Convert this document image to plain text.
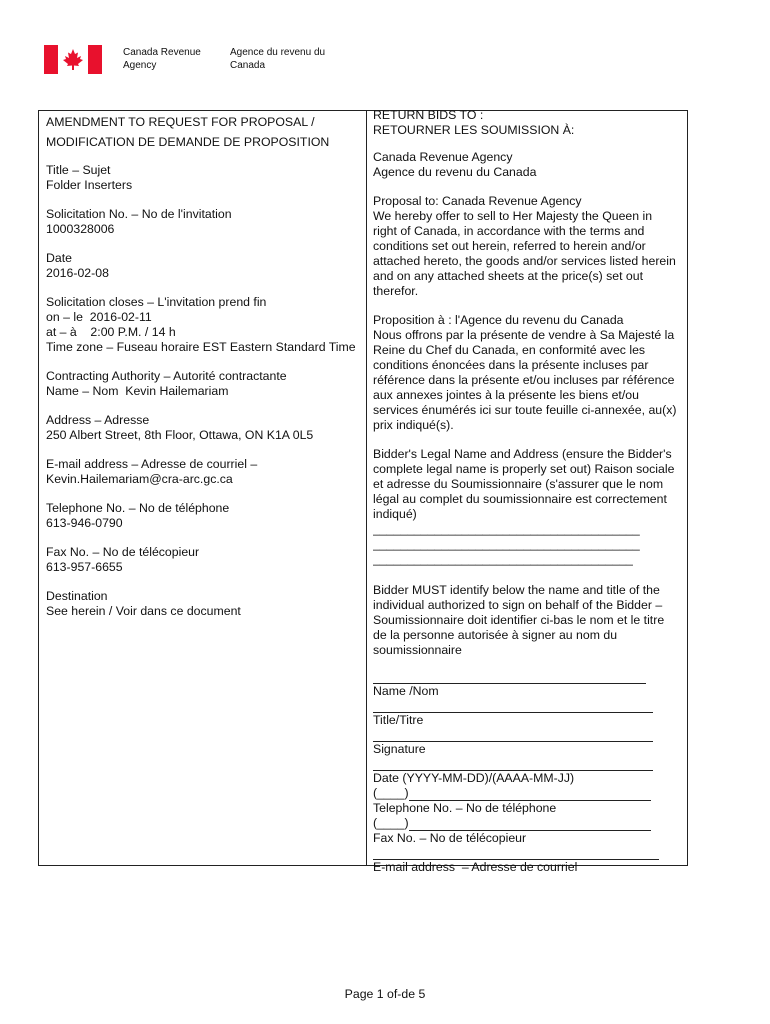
Canada Revenue Agency
Agence du revenu du Canada
AMENDMENT TO REQUEST FOR PROPOSAL / MODIFICATION DE DEMANDE DE PROPOSITION
Title – Sujet
Folder Inserters
Solicitation No. – No de l'invitation
1000328006
Date
2016-02-08
Solicitation closes – L'invitation prend fin
on – le  2016-02-11
at – à    2:00 P.M. / 14 h
Time zone – Fuseau horaire EST Eastern Standard Time
Contracting Authority – Autorité contractante
Name – Nom  Kevin Hailemariam
Address – Adresse
250 Albert Street, 8th Floor, Ottawa, ON K1A 0L5
E-mail address – Adresse de courriel –
Kevin.Hailemariam@cra-arc.gc.ca
Telephone No. – No de téléphone
613-946-0790
Fax No. – No de télécopieur
613-957-6655
Destination
See herein / Voir dans ce document
RETURN BIDS TO :
RETOURNER LES SOUMISSION À:
Canada Revenue Agency
Agence du revenu du Canada
Proposal to: Canada Revenue Agency
We hereby offer to sell to Her Majesty the Queen in right of Canada, in accordance with the terms and conditions set out herein, referred to herein and/or attached hereto, the goods and/or services listed herein and on any attached sheets at the price(s) set out therefor.
Proposition à : l'Agence du revenu du Canada
Nous offrons par la présente de vendre à Sa Majesté la Reine du Chef du Canada, en conformité avec les conditions énoncées dans la présente incluses par référence dans la présente et/ou incluses par référence aux annexes jointes à la présente les biens et/ou services énumérés ici sur toute feuille ci-annexée, au(x) prix indiqué(s).
Bidder's Legal Name and Address (ensure the Bidder's complete legal name is properly set out) Raison sociale et adresse du Soumissionnaire (s'assurer que le nom légal au complet du soumissionnaire est correctement indiqué)
_______________________________________
_______________________________________
______________________________________
Bidder MUST identify below the name and title of the individual authorized to sign on behalf of the Bidder – Soumissionnaire doit identifier ci-bas le nom et le titre de la personne autorisée à signer au nom du soumissionnaire
Name /Nom
Title/Titre
Signature
Date (YYYY-MM-DD)/(AAAA-MM-JJ)
(____)
Telephone No. – No de téléphone
(____)
Fax No. – No de télécopieur
E-mail address  – Adresse de courriel
Page 1 of-de 5
